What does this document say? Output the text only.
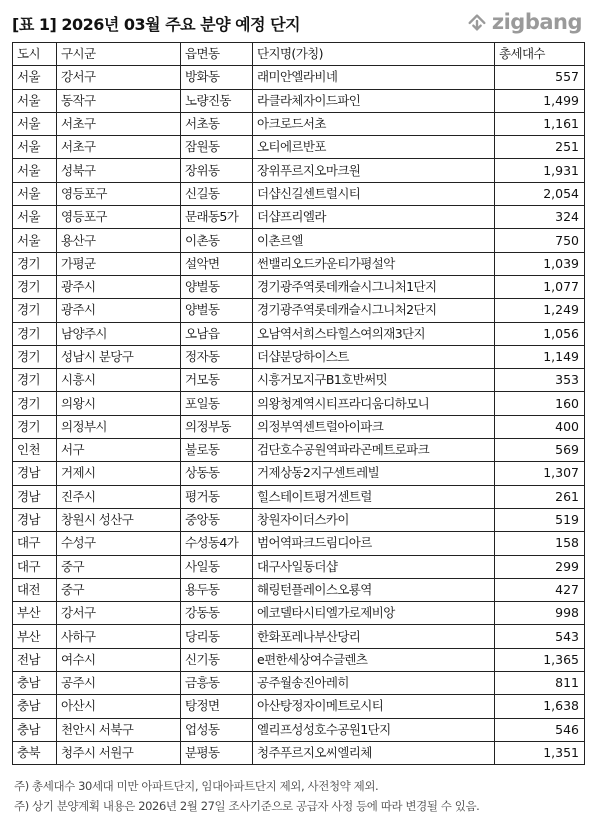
[표 1] 2026년 03월 주요 분양 예정 단지	zigbang
도시	구시군	읍면동	단지명(가칭)	총세대수
서울	강서구	방화동	래미안엘라비네	557
서울	동작구	노량진동	라클라체자이드파인	1,499
서울	서초구	서초동	아크로드서초	1,161
서울	서초구	잠원동	오티에르반포	251
서울	성북구	장위동	장위푸르지오마크원	1,931
서울	영등포구	신길동	더샵신길센트럴시티	2,054
서울	영등포구	문래동5가	더샵프리엘라	324
서울	용산구	이촌동	이촌르엘	750
경기	가평군	설악면	썬밸리오드카운티가평설악	1,039
경기	광주시	양벌동	경기광주역롯데캐슬시그니처1단지	1,077
경기	광주시	양벌동	경기광주역롯데캐슬시그니처2단지	1,249
경기	남양주시	오남읍	오남역서희스타힐스여의재3단지	1,056
경기	성남시 분당구	정자동	더샵분당하이스트	1,149
경기	시흥시	거모동	시흥거모지구B1호반써밋	353
경기	의왕시	포일동	의왕청계역시티프라디움디하모니	160
경기	의정부시	의정부동	의정부역센트럴아이파크	400
인천	서구	불로동	검단호수공원역파라곤메트로파크	569
경남	거제시	상동동	거제상동2지구센트레빌	1,307
경남	진주시	평거동	힐스테이트평거센트럴	261
경남	창원시 성산구	중앙동	창원자이더스카이	519
대구	수성구	수성동4가	범어역파크드림디아르	158
대구	중구	사일동	대구사일동더샵	299
대전	중구	용두동	해링턴플레이스오룡역	427
부산	강서구	강동동	에코델타시티엘가로제비앙	998
부산	사하구	당리동	한화포레나부산당리	543
전남	여수시	신기동	e편한세상여수글렌츠	1,365
충남	공주시	금흥동	공주월송진아레히	811
충남	아산시	탕정면	아산탕정자이메트로시티	1,638
충남	천안시 서북구	업성동	엘리프성성호수공원1단지	546
충북	청주시 서원구	분평동	청주푸르지오씨엘리체	1,351
주) 총세대수 30세대 미만 아파트단지, 임대아파트단지 제외, 사전청약 제외.
주) 상기 분양계획 내용은 2026년 2월 27일 조사기준으로 공급자 사정 등에 따라 변경될 수 있음.
